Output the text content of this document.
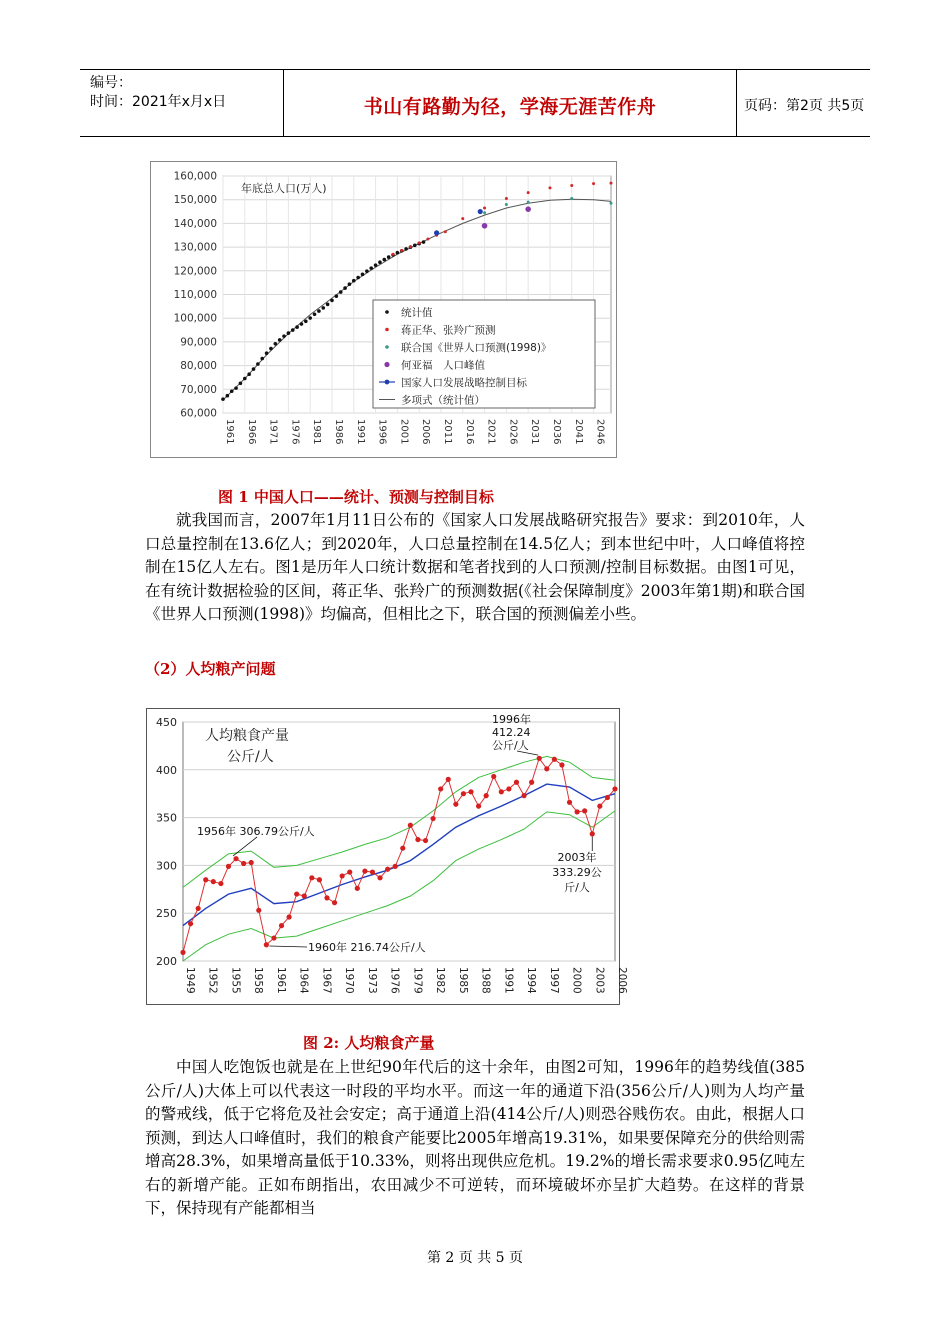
编号：
时间：2021年x月x日	书山有路勤为径，学海无涯苦作舟	页码：第2页 共5页
160,000
150,000
140,000
130,000
120,000
110,000
100,000
90,000
80,000
70,000
60,000
1961 1966 1971 1976 1981 1986 1991 1996 2001 2006 2011 2016 2021 2026 2031 2036 2041 2046
年底总人口(万人)
统计值
蒋正华、张羚广预测
联合国《世界人口预测(1998)》
何亚福　人口峰值
国家人口发展战略控制目标
多项式（统计值）
图 1 中国人口——统计、预测与控制目标

就我国而言，2007年1月11日公布的《国家人口发展战略研究报告》要求：到2010年，人口总量控制在13.6亿人；到2020年，人口总量控制在14.5亿人；到本世纪中叶，人口峰值将控制在15亿人左右。图1是历年人口统计数据和笔者找到的人口预测/控制目标数据。由图1可见，在有统计数据检验的区间，蒋正华、张羚广的预测数据(《社会保障制度》2003年第1期)和联合国《世界人口预测(1998)》均偏高，但相比之下，联合国的预测偏差小些。

（2）人均粮产问题
450
400
350
300
250
200
1949 1952 1955 1958 1961 1964 1967 1970 1973 1976 1979 1982 1985 1988 1991 1994 1997 2000 2003 2006
人均粮食产量
公斤/人
1956年 306.79公斤/人
1960年 216.74公斤/人
1996年
412.24
公斤/人
2003年
333.29公
斤/人
图 2: 人均粮食产量

中国人吃饱饭也就是在上世纪90年代后的这十余年，由图2可知，1996年的趋势线值(385公斤/人)大体上可以代表这一时段的平均水平。而这一年的通道下沿(356公斤/人)则为人均产量的警戒线，低于它将危及社会安定；高于通道上沿(414公斤/人)则恐谷贱伤农。由此，根据人口预测，到达人口峰值时，我们的粮食产能要比2005年增高19.31%，如果要保障充分的供给则需增高28.3%，如果增高量低于10.33%，则将出现供应危机。19.2%的增长需求要求0.95亿吨左右的新增产能。正如布朗指出，农田减少不可逆转，而环境破坏亦呈扩大趋势。在这样的背景下，保持现有产能都相当

第 2 页 共 5 页
